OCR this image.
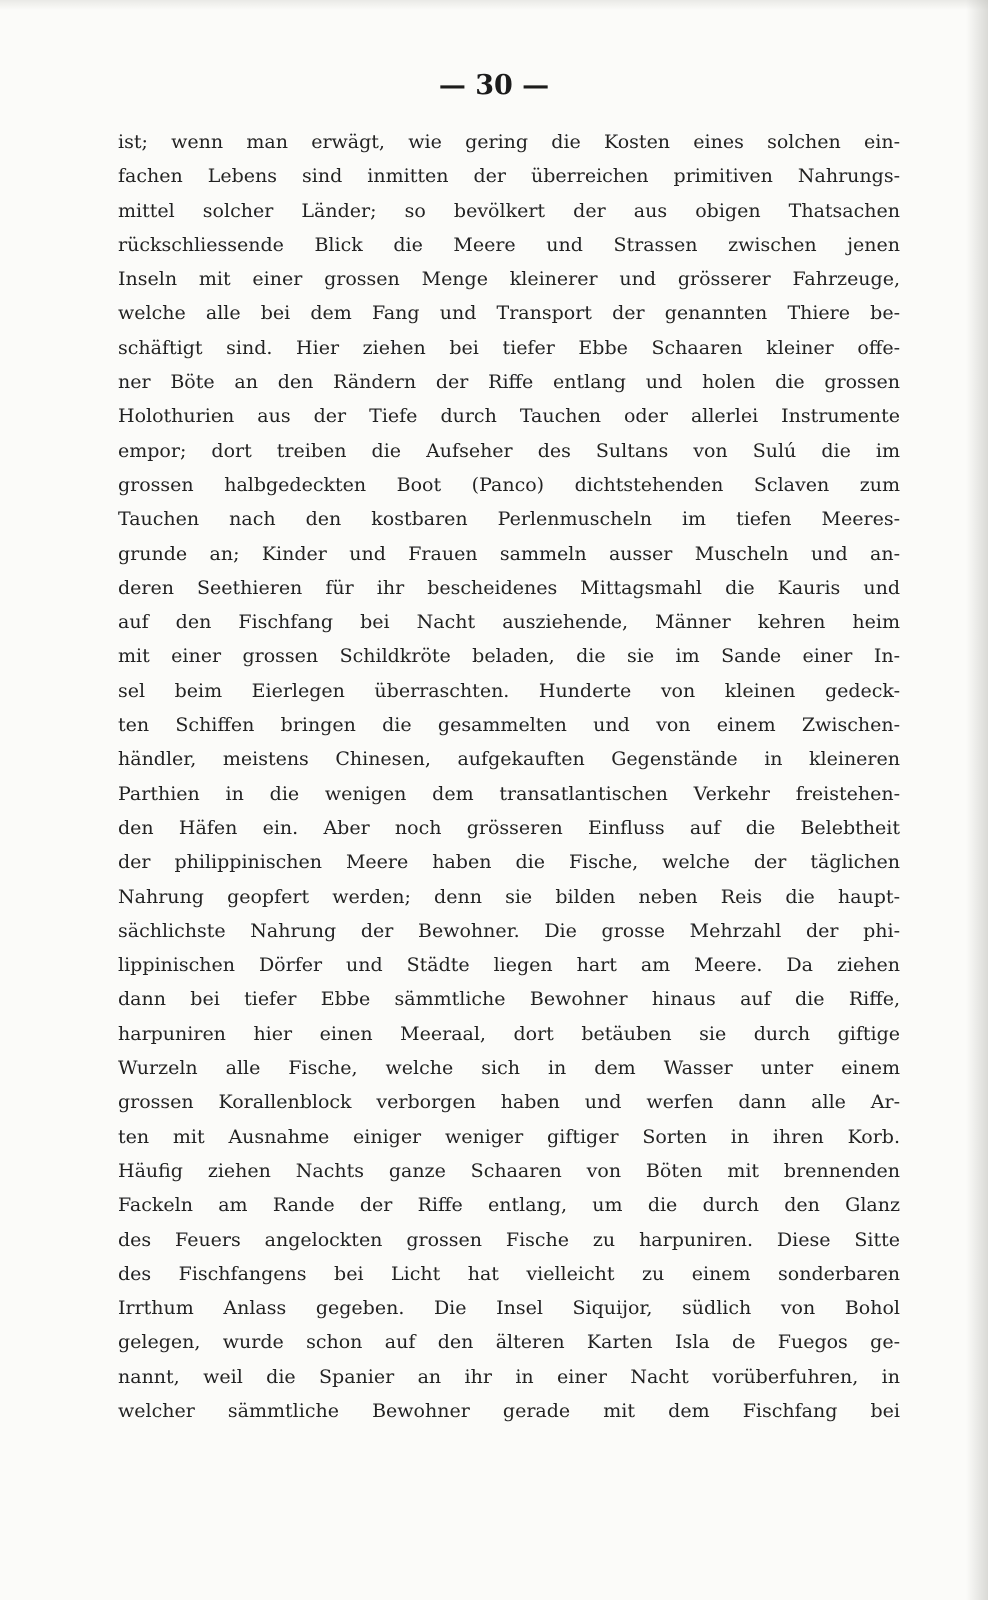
— 30 —
ist; wenn man erwägt, wie gering die Kosten eines solchen ein-
fachen Lebens sind inmitten der überreichen primitiven Nahrungs-
mittel solcher Länder; so bevölkert der aus obigen Thatsachen
rückschliessende Blick die Meere und Strassen zwischen jenen
Inseln mit einer grossen Menge kleinerer und grösserer Fahrzeuge,
welche alle bei dem Fang und Transport der genannten Thiere be-
schäftigt sind. Hier ziehen bei tiefer Ebbe Schaaren kleiner offe-
ner Böte an den Rändern der Riffe entlang und holen die grossen
Holothurien aus der Tiefe durch Tauchen oder allerlei Instrumente
empor; dort treiben die Aufseher des Sultans von Sulú die im
grossen halbgedeckten Boot (Panco) dichtstehenden Sclaven zum
Tauchen nach den kostbaren Perlenmuscheln im tiefen Meeres-
grunde an; Kinder und Frauen sammeln ausser Muscheln und an-
deren Seethieren für ihr bescheidenes Mittagsmahl die Kauris und
auf den Fischfang bei Nacht ausziehende, Männer kehren heim
mit einer grossen Schildkröte beladen, die sie im Sande einer In-
sel beim Eierlegen überraschten. Hunderte von kleinen gedeck-
ten Schiffen bringen die gesammelten und von einem Zwischen-
händler, meistens Chinesen, aufgekauften Gegenstände in kleineren
Parthien in die wenigen dem transatlantischen Verkehr freistehen-
den Häfen ein. Aber noch grösseren Einfluss auf die Belebtheit
der philippinischen Meere haben die Fische, welche der täglichen
Nahrung geopfert werden; denn sie bilden neben Reis die haupt-
sächlichste Nahrung der Bewohner. Die grosse Mehrzahl der phi-
lippinischen Dörfer und Städte liegen hart am Meere. Da ziehen
dann bei tiefer Ebbe sämmtliche Bewohner hinaus auf die Riffe,
harpuniren hier einen Meeraal, dort betäuben sie durch giftige
Wurzeln alle Fische, welche sich in dem Wasser unter einem
grossen Korallenblock verborgen haben und werfen dann alle Ar-
ten mit Ausnahme einiger weniger giftiger Sorten in ihren Korb.
Häufig ziehen Nachts ganze Schaaren von Böten mit brennenden
Fackeln am Rande der Riffe entlang, um die durch den Glanz
des Feuers angelockten grossen Fische zu harpuniren. Diese Sitte
des Fischfangens bei Licht hat vielleicht zu einem sonderbaren
Irrthum Anlass gegeben. Die Insel Siquijor, südlich von Bohol
gelegen, wurde schon auf den älteren Karten Isla de Fuegos ge-
nannt, weil die Spanier an ihr in einer Nacht vorüberfuhren, in
welcher sämmtliche Bewohner gerade mit dem Fischfang bei
